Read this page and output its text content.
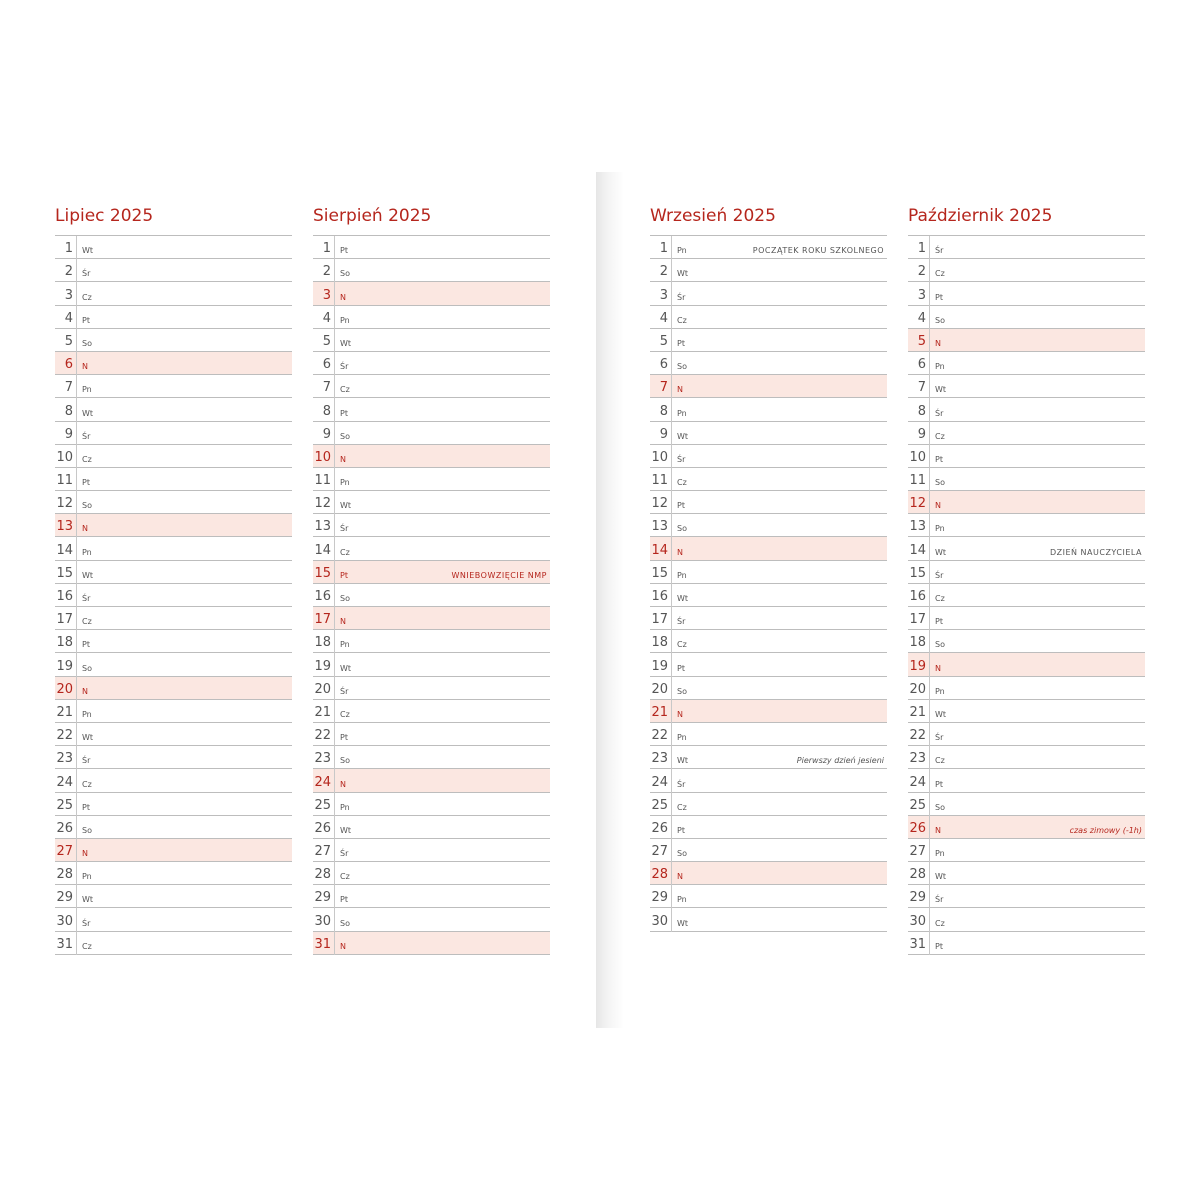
Lipiec 2025
1 Wt
2 Śr
3 Cz
4 Pt
5 So
6 N
7 Pn
8 Wt
9 Śr
10 Cz
11 Pt
12 So
13 N
14 Pn
15 Wt
16 Śr
17 Cz
18 Pt
19 So
20 N
21 Pn
22 Wt
23 Śr
24 Cz
25 Pt
26 So
27 N
28 Pn
29 Wt
30 Śr
31 Cz
Sierpień 2025
1 Pt
2 So
3 N
4 Pn
5 Wt
6 Śr
7 Cz
8 Pt
9 So
10 N
11 Pn
12 Wt
13 Śr
14 Cz
15 Pt	WNIEBOWZIĘCIE NMP
16 So
17 N
18 Pn
19 Wt
20 Śr
21 Cz
22 Pt
23 So
24 N
25 Pn
26 Wt
27 Śr
28 Cz
29 Pt
30 So
31 N
Wrzesień 2025
1 Pn	POCZĄTEK ROKU SZKOLNEGO
2 Wt
3 Śr
4 Cz
5 Pt
6 So
7 N
8 Pn
9 Wt
10 Śr
11 Cz
12 Pt
13 So
14 N
15 Pn
16 Wt
17 Śr
18 Cz
19 Pt
20 So
21 N
22 Pn
23 Wt	Pierwszy dzień jesieni
24 Śr
25 Cz
26 Pt
27 So
28 N
29 Pn
30 Wt
Październik 2025
1 Śr
2 Cz
3 Pt
4 So
5 N
6 Pn
7 Wt
8 Śr
9 Cz
10 Pt
11 So
12 N
13 Pn
14 Wt	DZIEŃ NAUCZYCIELA
15 Śr
16 Cz
17 Pt
18 So
19 N
20 Pn
21 Wt
22 Śr
23 Cz
24 Pt
25 So
26 N	czas zimowy (-1h)
27 Pn
28 Wt
29 Śr
30 Cz
31 Pt
